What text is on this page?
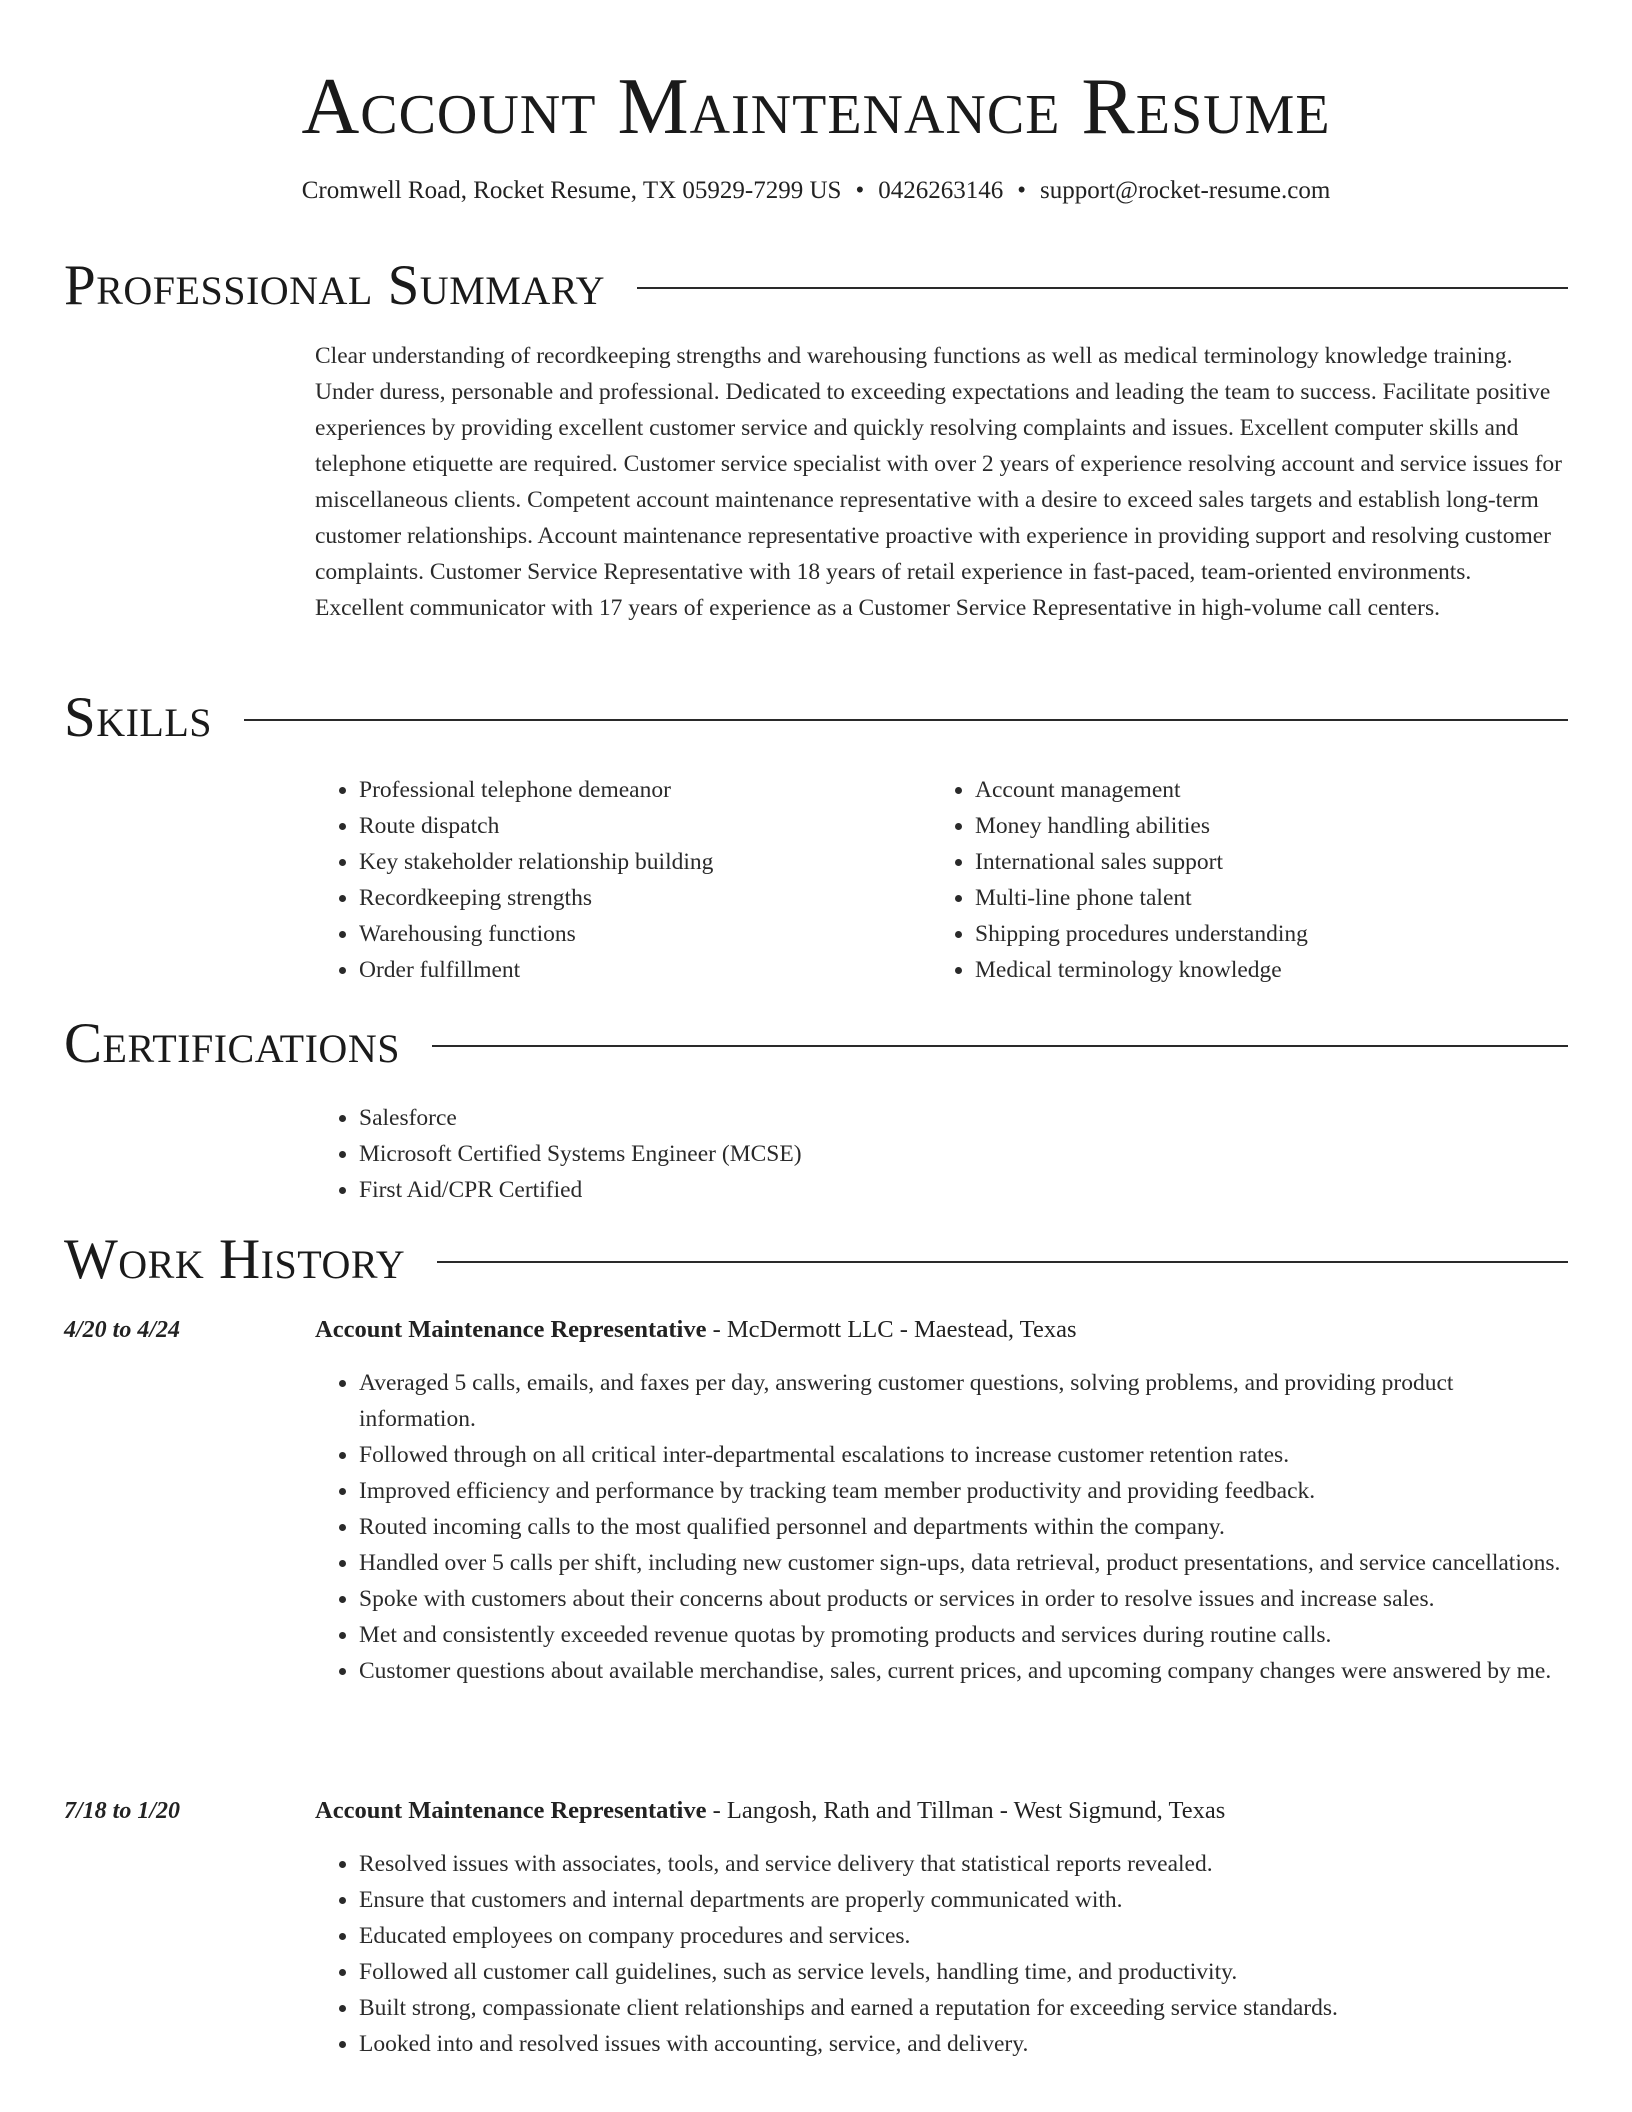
Account Maintenance Resume
Cromwell Road, Rocket Resume, TX 05929-7299 US • 0426263146 • support@rocket-resume.com
Professional Summary

Clear understanding of recordkeeping strengths and warehousing functions as well as medical terminology knowledge training. Under duress, personable and professional. Dedicated to exceeding expectations and leading the team to success. Facilitate positive experiences by providing excellent customer service and quickly resolving complaints and issues. Excellent computer skills and telephone etiquette are required. Customer service specialist with over 2 years of experience resolving account and service issues for miscellaneous clients. Competent account maintenance representative with a desire to exceed sales targets and establish long-term customer relationships. Account maintenance representative proactive with experience in providing support and resolving customer complaints. Customer Service Representative with 18 years of retail experience in fast-paced, team-oriented environments. Excellent communicator with 17 years of experience as a Customer Service Representative in high-volume call centers.

Skills
• Professional telephone demeanor
• Route dispatch
• Key stakeholder relationship building
• Recordkeeping strengths
• Warehousing functions
• Order fulfillment
• Account management
• Money handling abilities
• International sales support
• Multi-line phone talent
• Shipping procedures understanding
• Medical terminology knowledge
Certifications
• Salesforce
• Microsoft Certified Systems Engineer (MCSE)
• First Aid/CPR Certified
Work History
4/20 to 4/24	Account Maintenance Representative - McDermott LLC - Maestead, Texas
• Averaged 5 calls, emails, and faxes per day, answering customer questions, solving problems, and providing product information.
• Followed through on all critical inter-departmental escalations to increase customer retention rates.
• Improved efficiency and performance by tracking team member productivity and providing feedback.
• Routed incoming calls to the most qualified personnel and departments within the company.
• Handled over 5 calls per shift, including new customer sign-ups, data retrieval, product presentations, and service cancellations.
• Spoke with customers about their concerns about products or services in order to resolve issues and increase sales.
• Met and consistently exceeded revenue quotas by promoting products and services during routine calls.
• Customer questions about available merchandise, sales, current prices, and upcoming company changes were answered by me.
7/18 to 1/20	Account Maintenance Representative - Langosh, Rath and Tillman - West Sigmund, Texas
• Resolved issues with associates, tools, and service delivery that statistical reports revealed.
• Ensure that customers and internal departments are properly communicated with.
• Educated employees on company procedures and services.
• Followed all customer call guidelines, such as service levels, handling time, and productivity.
• Built strong, compassionate client relationships and earned a reputation for exceeding service standards.
• Looked into and resolved issues with accounting, service, and delivery.
